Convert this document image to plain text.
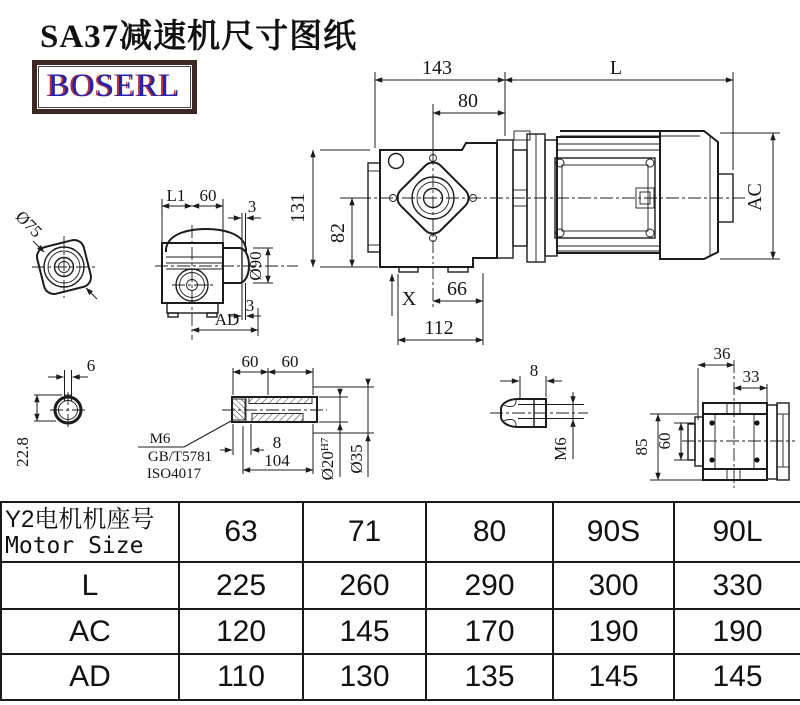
SA37减速机尺寸图纸
BOSERL	143	L
80
131
82
X 66
112
AC
L1 60
3
Ø90
3
AD
Ø75
6
22.8
60 60
8
104 $Ø20^{H7}$ Ø35
M6
GB/T5781
ISO4017
8
M6
36
33
85 60
Y2电机机座号
Motor Size	63	71	80	90S	90L
L	225	260	290	300	330
AC	120	145	170	190	190
AD	110	130	135	145	145
